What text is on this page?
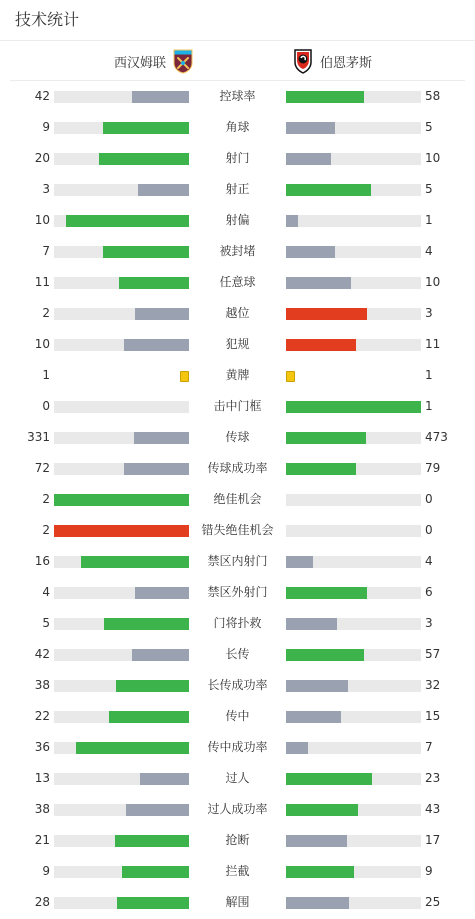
技术统计
西汉姆联	伯恩茅斯
42	控球率	58
9	角球	5
20	射门	10
3	射正	5
10	射偏	1
7	被封堵	4
11	任意球	10
2	越位	3
10	犯规	11
1	黄牌	1
0	击中门框	1
331	传球	473
72	传球成功率	79
2	绝佳机会	0
2	错失绝佳机会	0
16	禁区内射门	4
4	禁区外射门	6
5	门将扑救	3
42	长传	57
38	长传成功率	32
22	传中	15
36	传中成功率	7
13	过人	23
38	过人成功率	43
21	抢断	17
9	拦截	9
28	解围	25
